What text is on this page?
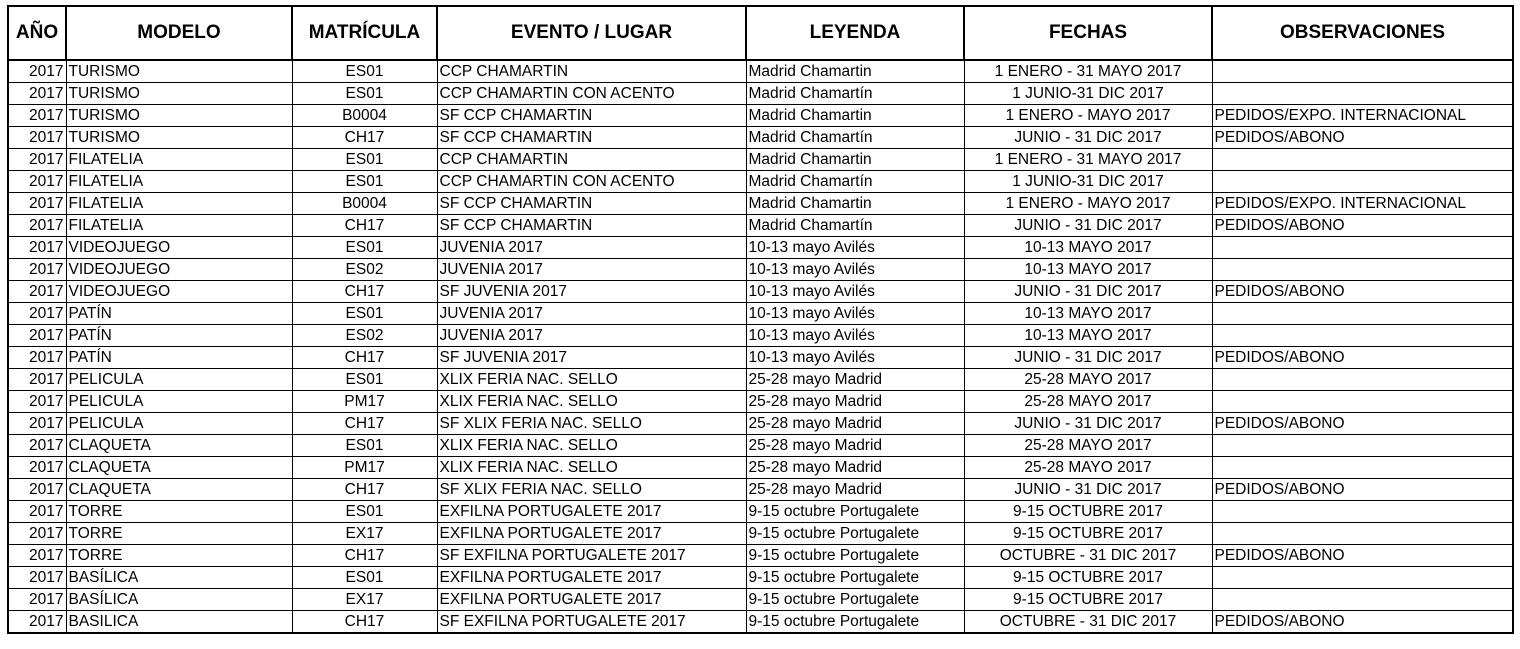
AÑO	MODELO	MATRÍCULA	EVENTO / LUGAR	LEYENDA	FECHAS	OBSERVACIONES
2017	TURISMO	ES01	CCP CHAMARTIN	Madrid Chamartin	1 ENERO - 31 MAYO 2017	
2017	TURISMO	ES01	CCP CHAMARTIN CON ACENTO	Madrid Chamartín	1 JUNIO-31 DIC 2017	
2017	TURISMO	B0004	SF CCP CHAMARTIN	Madrid Chamartin	1 ENERO - MAYO 2017	PEDIDOS/EXPO. INTERNACIONAL
2017	TURISMO	CH17	SF CCP CHAMARTIN	Madrid Chamartín	JUNIO - 31 DIC 2017	PEDIDOS/ABONO
2017	FILATELIA	ES01	CCP CHAMARTIN	Madrid Chamartin	1 ENERO - 31 MAYO 2017	
2017	FILATELIA	ES01	CCP CHAMARTIN CON ACENTO	Madrid Chamartín	1 JUNIO-31 DIC 2017	
2017	FILATELIA	B0004	SF CCP CHAMARTIN	Madrid Chamartin	1 ENERO - MAYO 2017	PEDIDOS/EXPO. INTERNACIONAL
2017	FILATELIA	CH17	SF CCP CHAMARTIN	Madrid Chamartín	JUNIO - 31 DIC 2017	PEDIDOS/ABONO
2017	VIDEOJUEGO	ES01	JUVENIA 2017	10-13 mayo Avilés	10-13 MAYO 2017	
2017	VIDEOJUEGO	ES02	JUVENIA 2017	10-13 mayo Avilés	10-13 MAYO 2017	
2017	VIDEOJUEGO	CH17	SF JUVENIA 2017	10-13 mayo Avilés	JUNIO - 31 DIC 2017	PEDIDOS/ABONO
2017	PATÍN	ES01	JUVENIA 2017	10-13 mayo Avilés	10-13 MAYO 2017	
2017	PATÍN	ES02	JUVENIA 2017	10-13 mayo Avilés	10-13 MAYO 2017	
2017	PATÍN	CH17	SF JUVENIA 2017	10-13 mayo Avilés	JUNIO - 31 DIC 2017	PEDIDOS/ABONO
2017	PELICULA	ES01	XLIX FERIA NAC. SELLO	25-28 mayo Madrid	25-28 MAYO 2017	
2017	PELICULA	PM17	XLIX FERIA NAC. SELLO	25-28 mayo Madrid	25-28 MAYO 2017	
2017	PELICULA	CH17	SF XLIX FERIA NAC. SELLO	25-28 mayo Madrid	JUNIO - 31 DIC 2017	PEDIDOS/ABONO
2017	CLAQUETA	ES01	XLIX FERIA NAC. SELLO	25-28 mayo Madrid	25-28 MAYO 2017	
2017	CLAQUETA	PM17	XLIX FERIA NAC. SELLO	25-28 mayo Madrid	25-28 MAYO 2017	
2017	CLAQUETA	CH17	SF XLIX FERIA NAC. SELLO	25-28 mayo Madrid	JUNIO - 31 DIC 2017	PEDIDOS/ABONO
2017	TORRE	ES01	EXFILNA PORTUGALETE 2017	9-15 octubre Portugalete	9-15 OCTUBRE 2017	
2017	TORRE	EX17	EXFILNA PORTUGALETE 2017	9-15 octubre Portugalete	9-15 OCTUBRE 2017	
2017	TORRE	CH17	SF EXFILNA PORTUGALETE 2017	9-15 octubre Portugalete	OCTUBRE - 31 DIC 2017	PEDIDOS/ABONO
2017	BASÍLICA	ES01	EXFILNA PORTUGALETE 2017	9-15 octubre Portugalete	9-15 OCTUBRE 2017	
2017	BASÍLICA	EX17	EXFILNA PORTUGALETE 2017	9-15 octubre Portugalete	9-15 OCTUBRE 2017	
2017	BASILICA	CH17	SF EXFILNA PORTUGALETE 2017	9-15 octubre Portugalete	OCTUBRE - 31 DIC 2017	PEDIDOS/ABONO
